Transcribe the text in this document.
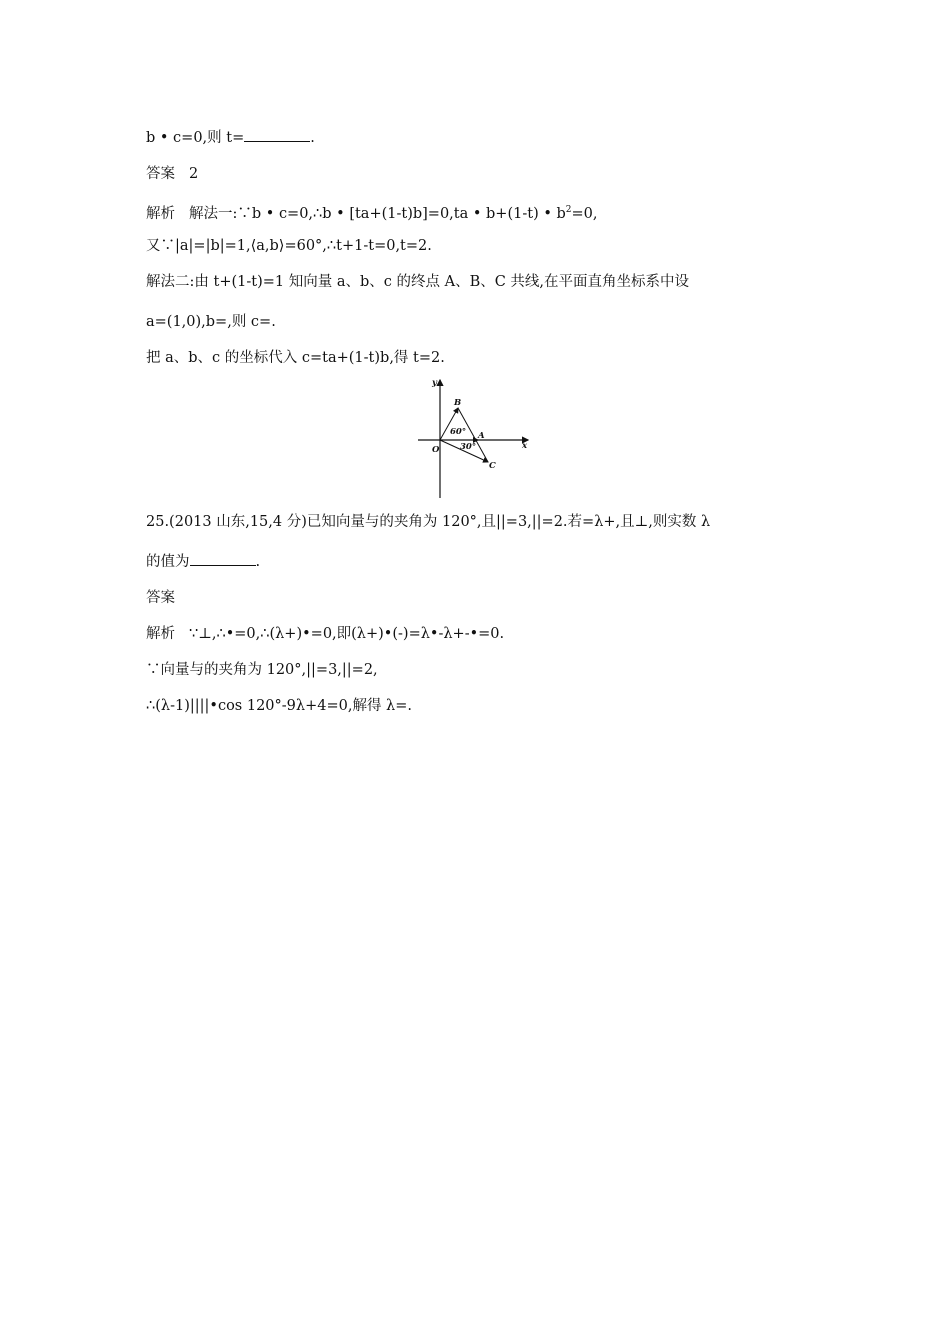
b • c=0,则 t=	.
答案 2
解析 解法一:∵b • c=0,∴b • [ta+(1-t)b]=0,ta • b+(1-t) • $b^2=0$,
又∵|a|=|b|=1,⟨a,b⟩=60°,∴t+1-t=0,t=2.
解法二:由 t+(1-t)=1 知向量 a、b、c 的终点 A、B、C 共线,在平面直角坐标系中设
a=(1,0),b=,则 c=.
把 a、b、c 的坐标代入 c=ta+(1-t)b,得 t=2.
y
x
O
A
B
C
60°
30°
25.(2013 山东,15,4 分)已知向量与的夹角为 120°,且||=3,||=2.若=λ+,且⊥,则实数 λ
的值为	.
答案
解析 ∵⊥,∴•=0,∴(λ+)•=0,即(λ+)•(-)=λ•-λ+-•=0.
∵向量与的夹角为 120°,||=3,||=2,
∴(λ-1)||||•cos 120°-9λ+4=0,解得 λ=.
